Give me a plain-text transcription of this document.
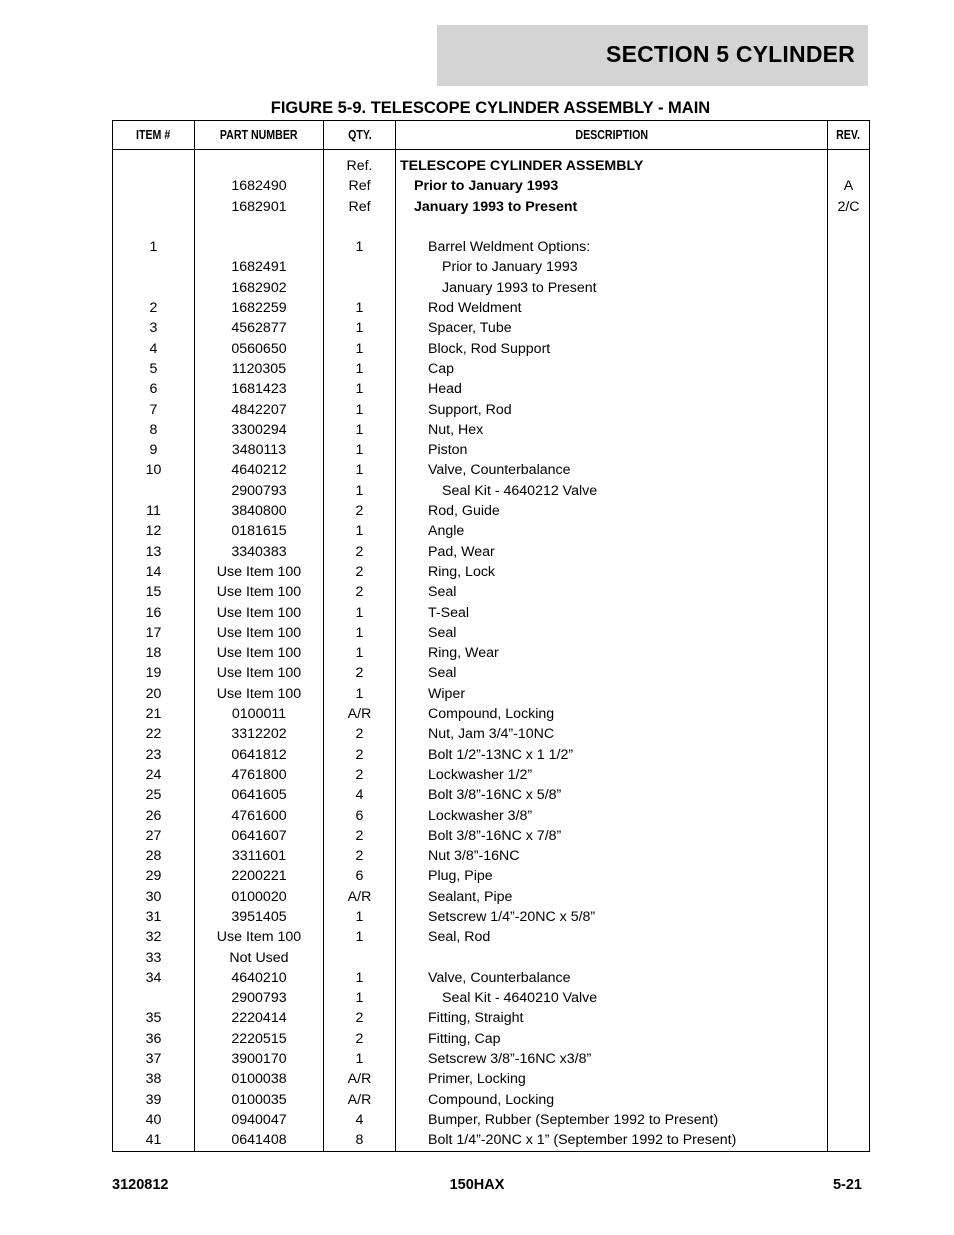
SECTION 5 CYLINDER
FIGURE 5-9. TELESCOPE CYLINDER ASSEMBLY - MAIN
ITEM #	PART NUMBER	QTY.	DESCRIPTION	REV.
		Ref.	TELESCOPE CYLINDER ASSEMBLY	
	1682490	Ref	Prior to January 1993	A
	1682901	Ref	January 1993 to Present	2/C

1		1	Barrel Weldment Options:	
	1682491		Prior to January 1993	
	1682902		January 1993 to Present	
2	1682259	1	Rod Weldment	
3	4562877	1	Spacer, Tube	
4	0560650	1	Block, Rod Support	
5	1120305	1	Cap	
6	1681423	1	Head	
7	4842207	1	Support, Rod	
8	3300294	1	Nut, Hex	
9	3480113	1	Piston	
10	4640212	1	Valve, Counterbalance	
	2900793	1	Seal Kit - 4640212 Valve	
11	3840800	2	Rod, Guide	
12	0181615	1	Angle	
13	3340383	2	Pad, Wear	
14	Use Item 100	2	Ring, Lock	
15	Use Item 100	2	Seal	
16	Use Item 100	1	T-Seal	
17	Use Item 100	1	Seal	
18	Use Item 100	1	Ring, Wear	
19	Use Item 100	2	Seal	
20	Use Item 100	1	Wiper	
21	0100011	A/R	Compound, Locking	
22	3312202	2	Nut, Jam 3/4”-10NC	
23	0641812	2	Bolt 1/2”-13NC x 1 1/2”	
24	4761800	2	Lockwasher 1/2”	
25	0641605	4	Bolt 3/8”-16NC x 5/8”	
26	4761600	6	Lockwasher 3/8”	
27	0641607	2	Bolt 3/8”-16NC x 7/8”	
28	3311601	2	Nut 3/8”-16NC	
29	2200221	6	Plug, Pipe	
30	0100020	A/R	Sealant, Pipe	
31	3951405	1	Setscrew 1/4”-20NC x 5/8”	
32	Use Item 100	1	Seal, Rod	
33	Not Used			
34	4640210	1	Valve, Counterbalance	
	2900793	1	Seal Kit - 4640210 Valve	
35	2220414	2	Fitting, Straight	
36	2220515	2	Fitting, Cap	
37	3900170	1	Setscrew 3/8”-16NC x3/8”	
38	0100038	A/R	Primer, Locking	
39	0100035	A/R	Compound, Locking	
40	0940047	4	Bumper, Rubber (September 1992 to Present)	
41	0641408	8	Bolt 1/4”-20NC x 1” (September 1992 to Present)	
3120812	150HAX	5-21
